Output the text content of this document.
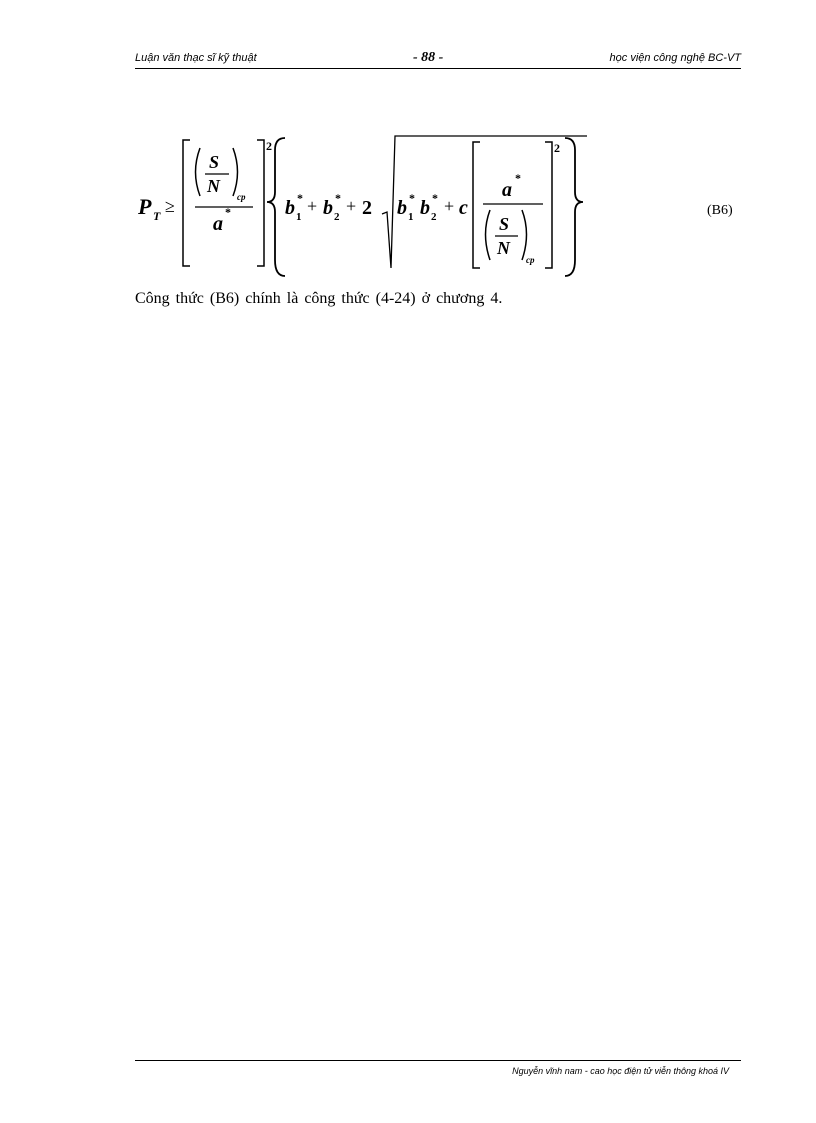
Luận văn thạc sĩ kỹ thuật	- 88 -	học viện công nghệ BC-VT
P T ≥
2
S
N
cp
a
*	b 1
* + b 2
* + 2 b 1
* b 2
* + c
2
a
*
S
N
cp
(B6)
Công thức (B6) chính là công thức (4-24) ở chương 4.
Nguyễn vĩnh nam - cao học điện tử viễn thông khoá IV
